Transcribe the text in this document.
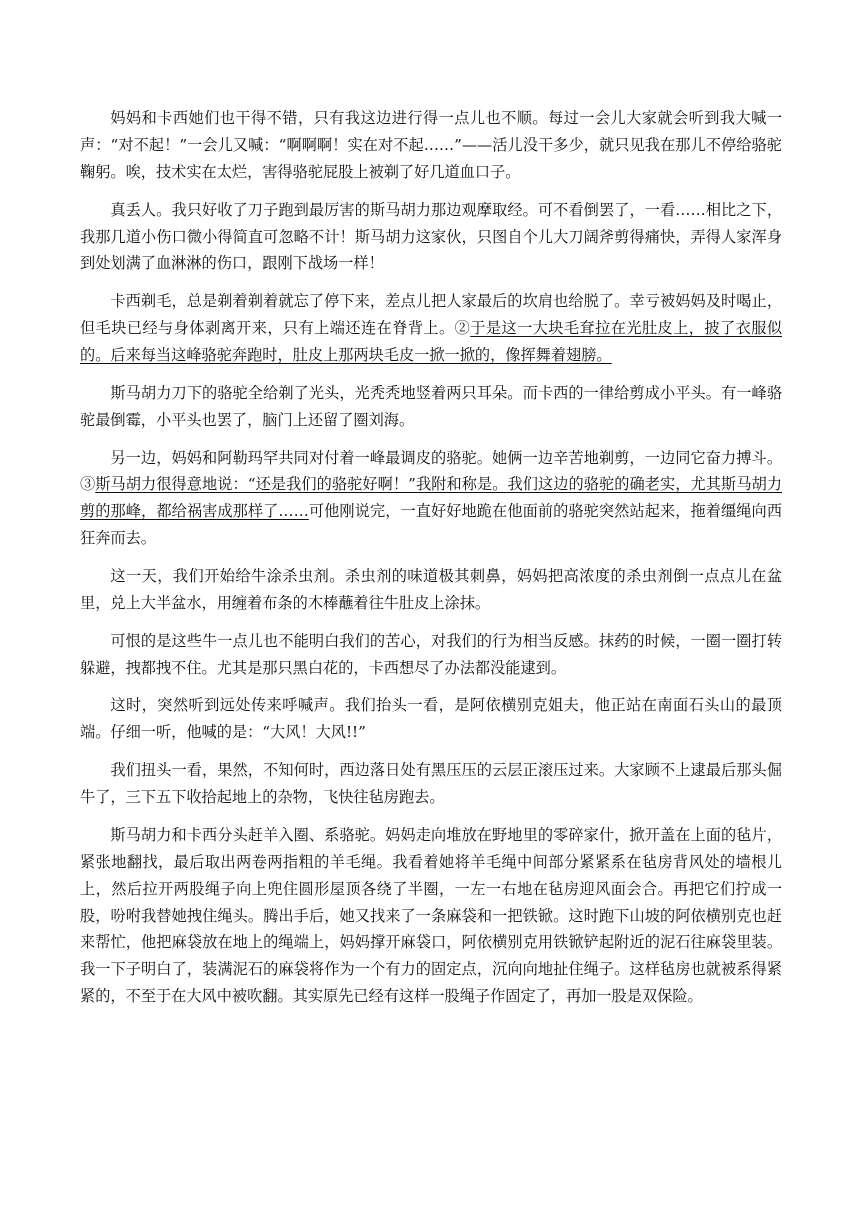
妈妈和卡西她们也干得不错，只有我这边进行得一点儿也不顺。每过一会儿大家就会听到我大喊一声：“对不起！”一会儿又喊：“啊啊啊！实在对不起……”——活儿没干多少，就只见我在那儿不停给骆驼鞠躬。唉，技术实在太烂，害得骆驼屁股上被剃了好几道血口子。

真丢人。我只好收了刀子跑到最厉害的斯马胡力那边观摩取经。可不看倒罢了，一看……相比之下，我那几道小伤口微小得简直可忽略不计！斯马胡力这家伙，只图自个儿大刀阔斧剪得痛快，弄得人家浑身到处划满了血淋淋的伤口，跟刚下战场一样！

卡西剃毛，总是剃着剃着就忘了停下来，差点儿把人家最后的坎肩也给脱了。幸亏被妈妈及时喝止，但毛块已经与身体剥离开来，只有上端还连在脊背上。②于是这一大块毛耷拉在光肚皮上，披了衣服似的。后来每当这峰骆驼奔跑时，肚皮上那两块毛皮一掀一掀的，像挥舞着翅膀。

斯马胡力刀下的骆驼全给剃了光头，光秃秃地竖着两只耳朵。而卡西的一律给剪成小平头。有一峰骆驼最倒霉，小平头也罢了，脑门上还留了圈刘海。

另一边，妈妈和阿勒玛罕共同对付着一峰最调皮的骆驼。她俩一边辛苦地剃剪，一边同它奋力搏斗。③斯马胡力很得意地说：“还是我们的骆驼好啊！”我附和称是。我们这边的骆驼的确老实，尤其斯马胡力剪的那峰，都给祸害成那样了……可他刚说完，一直好好地跪在他面前的骆驼突然站起来，拖着缰绳向西狂奔而去。

这一天，我们开始给牛涂杀虫剂。杀虫剂的味道极其刺鼻，妈妈把高浓度的杀虫剂倒一点点儿在盆里，兑上大半盆水，用缠着布条的木棒蘸着往牛肚皮上涂抹。

可恨的是这些牛一点儿也不能明白我们的苦心，对我们的行为相当反感。抹药的时候，一圈一圈打转躲避，拽都拽不住。尤其是那只黑白花的，卡西想尽了办法都没能逮到。

这时，突然听到远处传来呼喊声。我们抬头一看，是阿依横别克姐夫，他正站在南面石头山的最顶端。仔细一听，他喊的是：“大风！大风!!”

我们扭头一看，果然，不知何时，西边落日处有黑压压的云层正滚压过来。大家顾不上逮最后那头倔牛了，三下五下收拾起地上的杂物，飞快往毡房跑去。

斯马胡力和卡西分头赶羊入圈、系骆驼。妈妈走向堆放在野地里的零碎家什，掀开盖在上面的毡片，紧张地翻找，最后取出两卷两指粗的羊毛绳。我看着她将羊毛绳中间部分紧紧系在毡房背风处的墙根儿上，然后拉开两股绳子向上兜住圆形屋顶各绕了半圈，一左一右地在毡房迎风面会合。再把它们拧成一股，吩咐我替她拽住绳头。腾出手后，她又找来了一条麻袋和一把铁锨。这时跑下山坡的阿依横别克也赶来帮忙，他把麻袋放在地上的绳端上，妈妈撑开麻袋口，阿依横别克用铁锨铲起附近的泥石往麻袋里装。我一下子明白了，装满泥石的麻袋将作为一个有力的固定点，沉向向地扯住绳子。这样毡房也就被系得紧紧的，不至于在大风中被吹翻。其实原先已经有这样一股绳子作固定了，再加一股是双保险。
